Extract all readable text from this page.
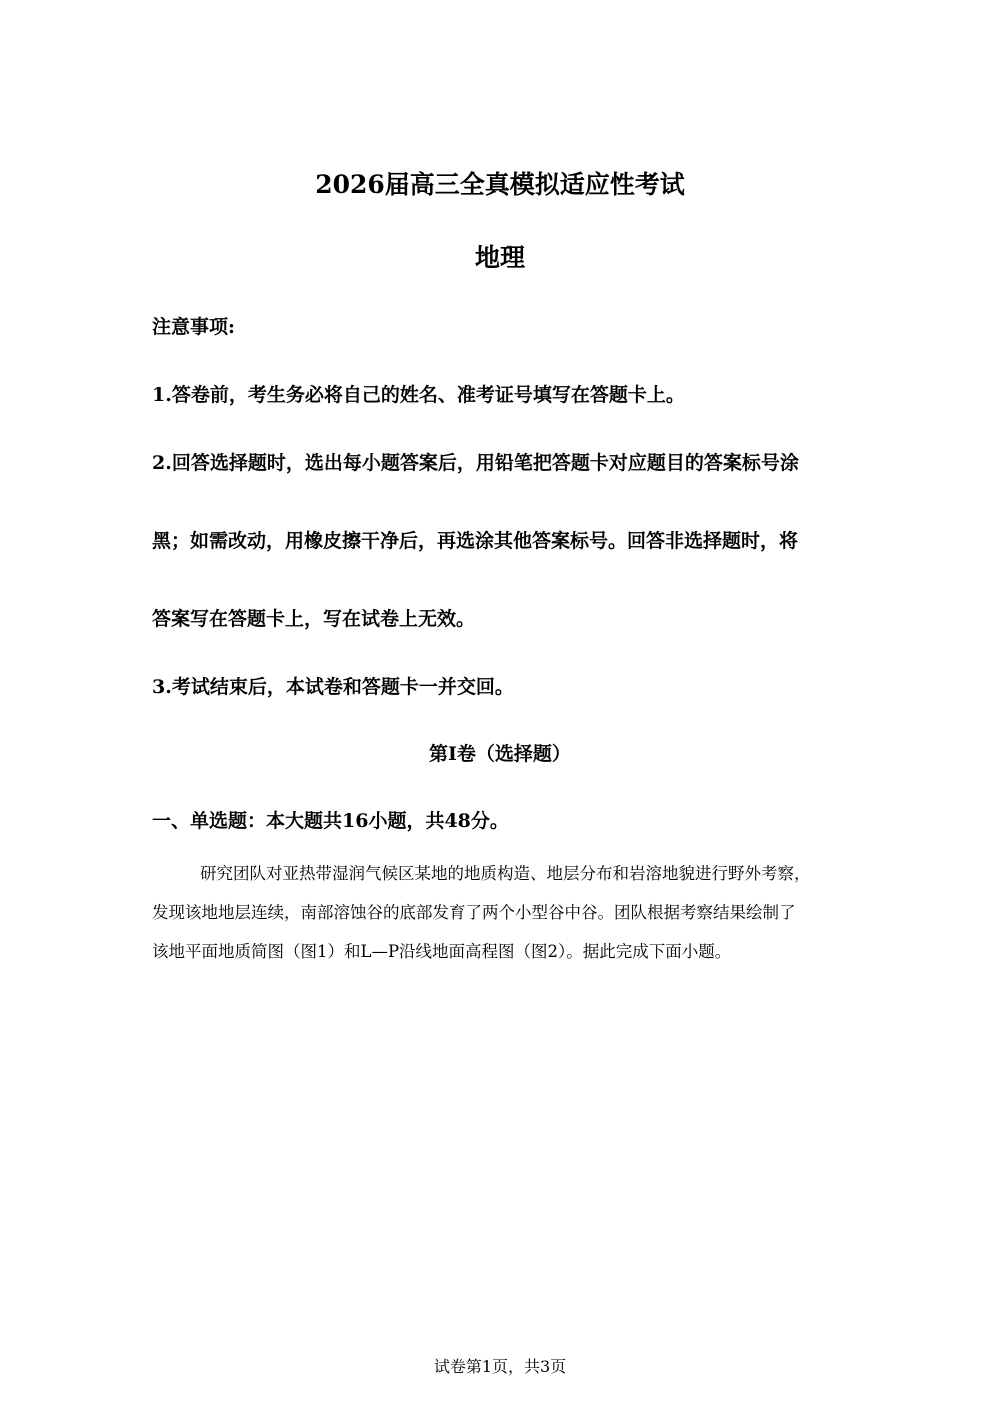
2026届高三全真模拟适应性考试
地理
注意事项:
1.答卷前，考生务必将自己的姓名、准考证号填写在答题卡上。
2.回答选择题时，选出每小题答案后，用铅笔把答题卡对应题目的答案标号涂
黑；如需改动，用橡皮擦干净后，再选涂其他答案标号。回答非选择题时，将
答案写在答题卡上，写在试卷上无效。
3.考试结束后，本试卷和答题卡一并交回。
第I卷（选择题）
一、单选题：本大题共16小题，共48分。
研究团队对亚热带湿润气候区某地的地质构造、地层分布和岩溶地貌进行野外考察，
发现该地地层连续，南部溶蚀谷的底部发育了两个小型谷中谷。团队根据考察结果绘制了
该地平面地质简图（图1）和L—P沿线地面高程图（图2）。据此完成下面小题。
试卷第1页，共3页
